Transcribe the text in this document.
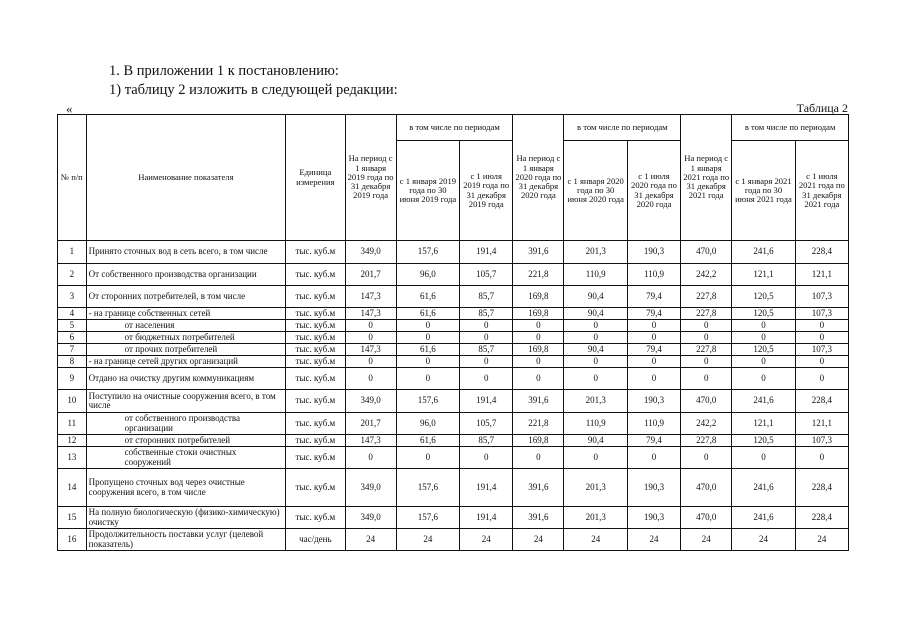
1. В приложении 1 к постановлению:
1) таблицу 2 изложить в следующей редакции:
«	Таблица 2
№ п/п	Наименование показателя	Единица измерения	На период с 1 января 2019 года по 31 декабря 2019 года	в том числе по периодам		На период с 1 января 2020 года по 31 декабря 2020 года	в том числе по периодам		На период с 1 января 2021 года по 31 декабря 2021 года	в том числе по периодам	
				с 1 января 2019 года по 30 июня 2019 года	с 1 июля 2019 года по 31 декабря 2019 года		с 1 января 2020 года по 30 июня 2020 года	с 1 июля 2020 года по 31 декабря 2020 года		с 1 января 2021 года по 30 июня 2021 года	с 1 июля 2021 года по 31 декабря 2021 года
1	Принято сточных вод в сеть всего, в том числе	тыс. куб.м	349,0	157,6	191,4	391,6	201,3	190,3	470,0	241,6	228,4
2	От собственного производства организации	тыс. куб.м	201,7	96,0	105,7	221,8	110,9	110,9	242,2	121,1	121,1
3	От сторонних потребителей, в том числе	тыс. куб.м	147,3	61,6	85,7	169,8	90,4	79,4	227,8	120,5	107,3
4	- на границе собственных сетей	тыс. куб.м	147,3	61,6	85,7	169,8	90,4	79,4	227,8	120,5	107,3
5	от населения	тыс. куб.м	0	0	0	0	0	0	0	0	0
6	от бюджетных потребителей	тыс. куб.м	0	0	0	0	0	0	0	0	0
7	от прочих потребителей	тыс. куб.м	147,3	61,6	85,7	169,8	90,4	79,4	227,8	120,5	107,3
8	- на границе сетей других организаций	тыс. куб.м	0	0	0	0	0	0	0	0	0
9	Отдано на очистку другим коммуникациям	тыс. куб.м	0	0	0	0	0	0	0	0	0
10	Поступило на очистные сооружения всего, в том числе	тыс. куб.м	349,0	157,6	191,4	391,6	201,3	190,3	470,0	241,6	228,4
11	от собственного производства организации	тыс. куб.м	201,7	96,0	105,7	221,8	110,9	110,9	242,2	121,1	121,1
12	от сторонних потребителей	тыс. куб.м	147,3	61,6	85,7	169,8	90,4	79,4	227,8	120,5	107,3
13	собственные стоки очистных сооружений	тыс. куб.м	0	0	0	0	0	0	0	0	0
14	Пропущено сточных вод через очистные сооружения всего, в том числе	тыс. куб.м	349,0	157,6	191,4	391,6	201,3	190,3	470,0	241,6	228,4
15	На полную биологическую (физико-химическую) очистку	тыс. куб.м	349,0	157,6	191,4	391,6	201,3	190,3	470,0	241,6	228,4
16	Продолжительность поставки услуг (целевой показатель)	час/день	24	24	24	24	24	24	24	24	24
